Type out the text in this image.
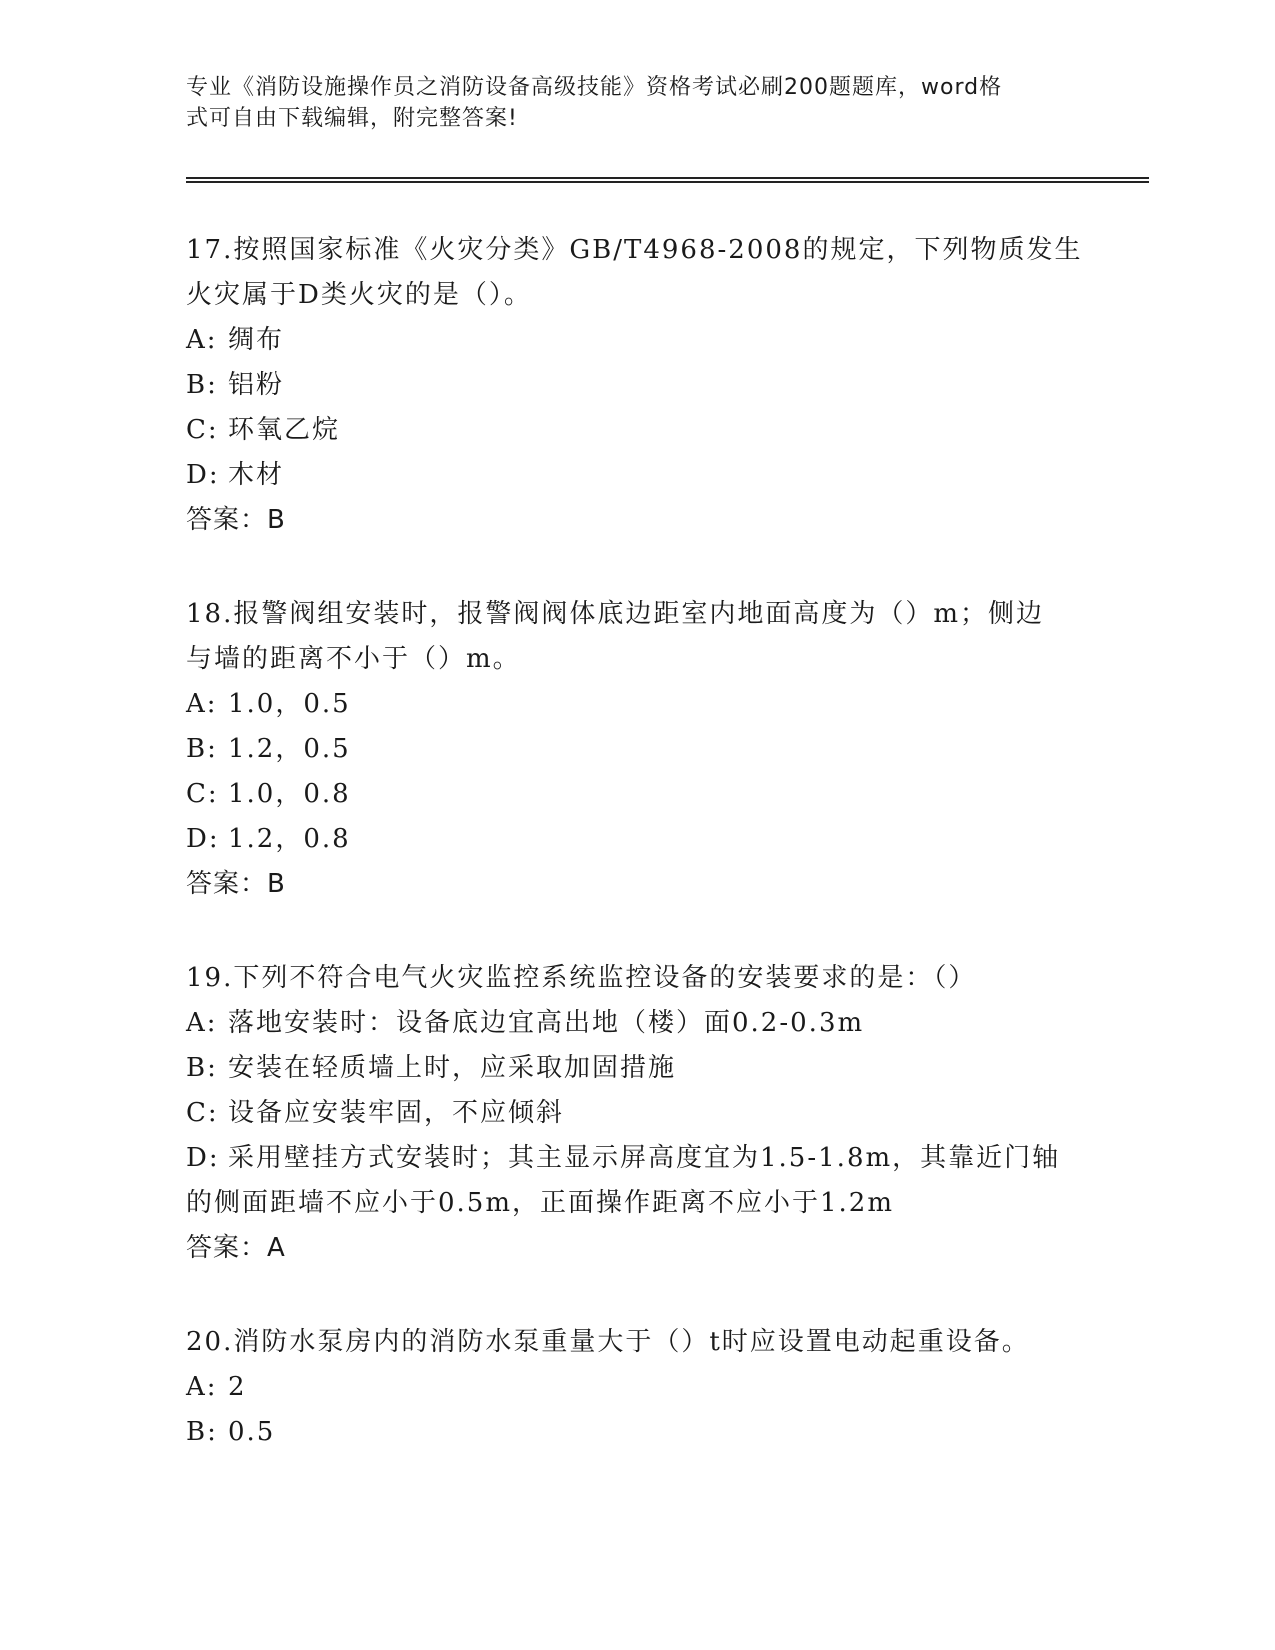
专业《消防设施操作员之消防设备高级技能》资格考试必刷200题题库，word格
式可自由下载编辑，附完整答案!
17.按照国家标准《火灾分类》GB/T4968-2008的规定，下列物质发生
火灾属于D类火灾的是（）。
A: 绸布
B: 铝粉
C: 环氧乙烷
D: 木材
答案：B
18.报警阀组安装时，报警阀阀体底边距室内地面高度为（）m；侧边
与墙的距离不小于（）m。
A: 1.0，0.5
B: 1.2，0.5
C: 1.0，0.8
D: 1.2，0.8
答案：B
19.下列不符合电气火灾监控系统监控设备的安装要求的是：（）
A: 落地安装时：设备底边宜高出地（楼）面0.2-0.3m
B: 安装在轻质墙上时，应采取加固措施
C: 设备应安装牢固，不应倾斜
D: 采用壁挂方式安装时；其主显示屏高度宜为1.5-1.8m，其靠近门轴
的侧面距墙不应小于0.5m，正面操作距离不应小于1.2m
答案：A
20.消防水泵房内的消防水泵重量大于（）t时应设置电动起重设备。
A: 2
B: 0.5
